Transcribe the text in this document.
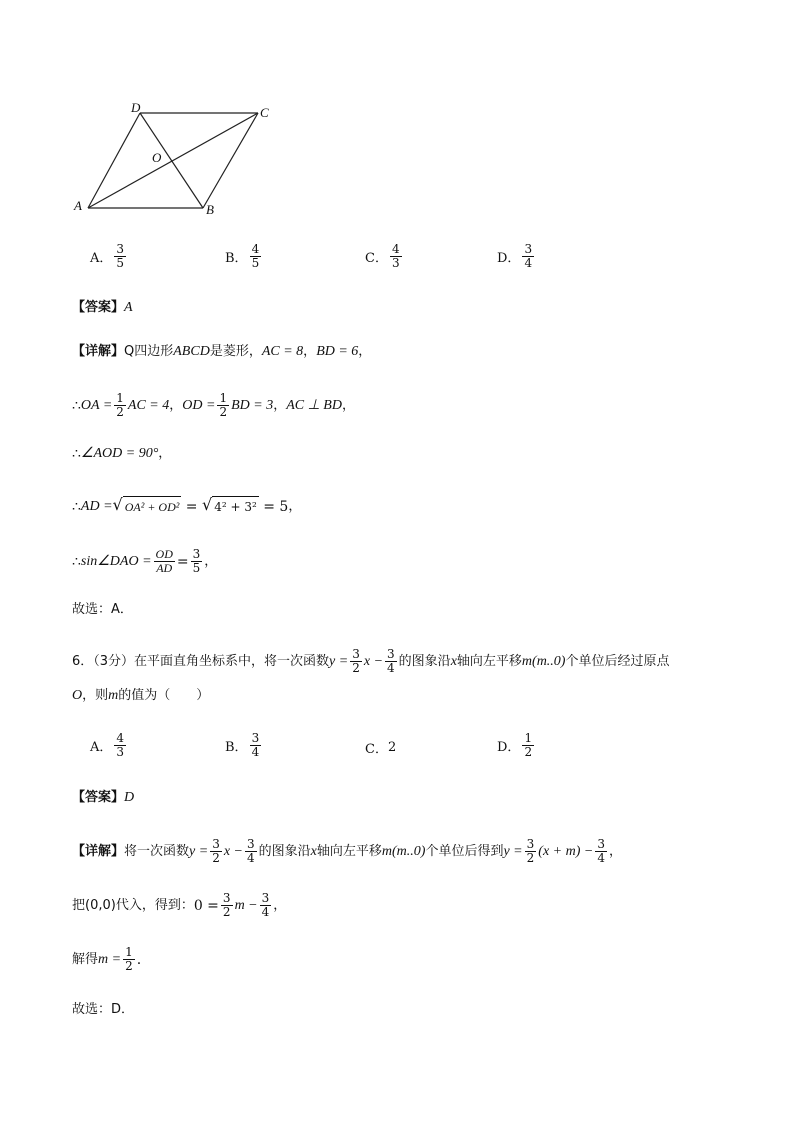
A	B
C
D
O
A． $\frac{3}{5}$	B． $\frac{4}{5}$	C． $\frac{4}{3}$	D． $\frac{3}{4}$
【答案】 A
【详解】 Q四边形 ABCD 是菱形， AC = 8 ， BD = 6 ，
∴ OA = $\frac{1}{2}$ AC = 4 ， OD = $\frac{1}{2}$ BD = 3 ， AC ⊥ BD ，
∴ ∠AOD = 90° ，
∴ AD = √ OA² + OD² = √ 4² + 3²
= 5 ，
∴ sin∠DAO = $\frac{OD}{AD} = \frac{3}{5}$ ，
故选：A．
6．（3分）在平面直角坐标系中，将一次函数 $y = \frac{3}{2}$ $x - \frac{3}{4}$ 的图象沿 x 轴向左平移 m(m..0) 个单位后经过原点
O ，则 m 的值为（　　）
A． $\frac{4}{3}$	B． $\frac{3}{4}$	C． 2	D． $\frac{1}{2}$
【答案】 D
【详解】 将一次函数 $y = \frac{3}{2}$ $x - \frac{3}{4}$ 的图象沿 x 轴向左平移 m(m..0) 个单位后得到 $y = \frac{3}{2} (x + m) - \frac{3}{4}$ ，
把(0,0)代入，得到： $0 = \frac{3}{2}$ $m - \frac{3}{4}$ ，
解得 $m = \frac{1}{2}$ .
故选：D．
